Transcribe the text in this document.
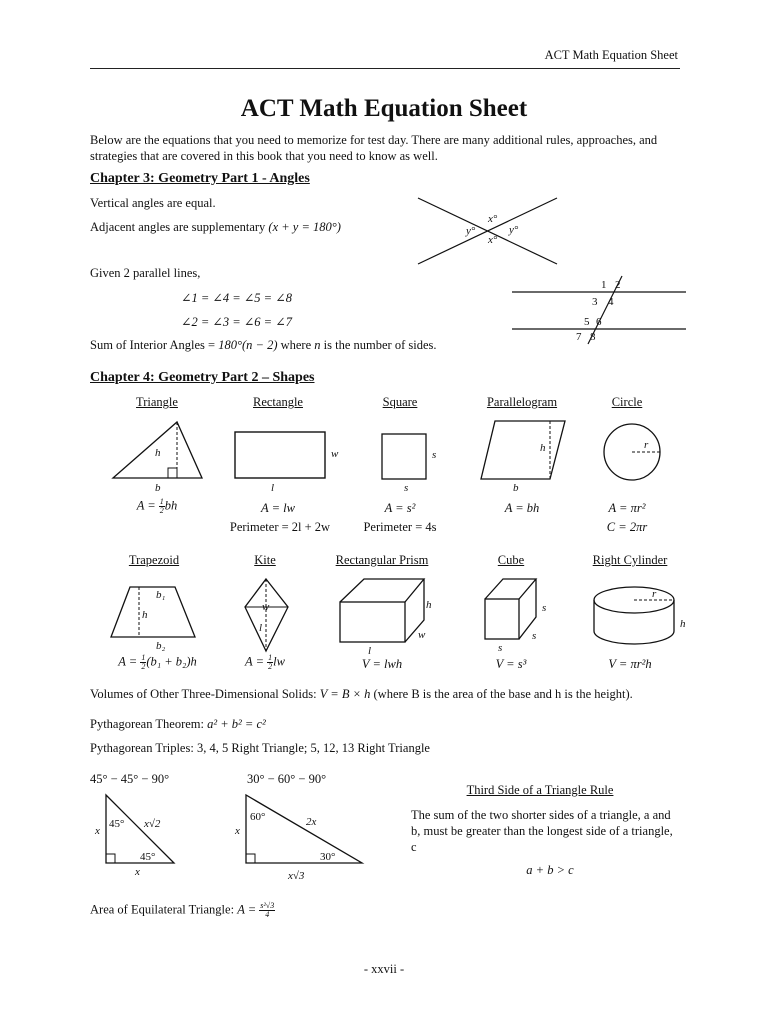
ACT Math Equation Sheet
ACT Math Equation Sheet
Below are the equations that you need to memorize for test day. There are many additional rules, approaches, and strategies that are covered in this book that you need to know as well.
Chapter 3: Geometry Part 1 - Angles
Vertical angles are equal.
Adjacent angles are supplementary (x + y = 180°)
x°
y°
x°
y°
Given 2 parallel lines,
∠1 = ∠4 = ∠5 = ∠8
∠2 = ∠3 = ∠6 = ∠7
Sum of Interior Angles = 180°(n − 2) where n is the number of sides.
1 2
3 4
5 6
7 8
Chapter 4: Geometry Part 2 – Shapes
Triangle	Rectangle	Square	Parallelogram	Circle
h
b
$A = \frac{1}{2}$ bh
w
l
A = lw
Perimeter = 2l + 2w
s
s
A = s²
Perimeter = 4s
h
b
A = bh
r
A = πr²
C = 2πr
Trapezoid	Kite	Rectangular Prism	Cube	Right Cylinder
b₁
h
b₂
$A = \frac{1}{2} (b_1 + b_2)h$
w
l
$A = \frac{1}{2}$ lw
h
w
l
V = lwh
s
s
s
V = s³
r
h
V = πr²h
Volumes of Other Three-Dimensional Solids: V = B × h (where B is the area of the base and h is the height).
Pythagorean Theorem: a² + b² = c²
Pythagorean Triples: 3, 4, 5 Right Triangle; 5, 12, 13 Right Triangle
45° − 45° − 90°	30° − 60° − 90°
45° x√2
x
45°
x
60°	2x
x
30°
x√3
Third Side of a Triangle Rule
The sum of the two shorter sides of a triangle, a and b, must be greater than the longest side of a triangle, c
a + b > c
Area of Equilateral Triangle: $A = \frac{\text{s²√3}}{4}$
- xxvii -
